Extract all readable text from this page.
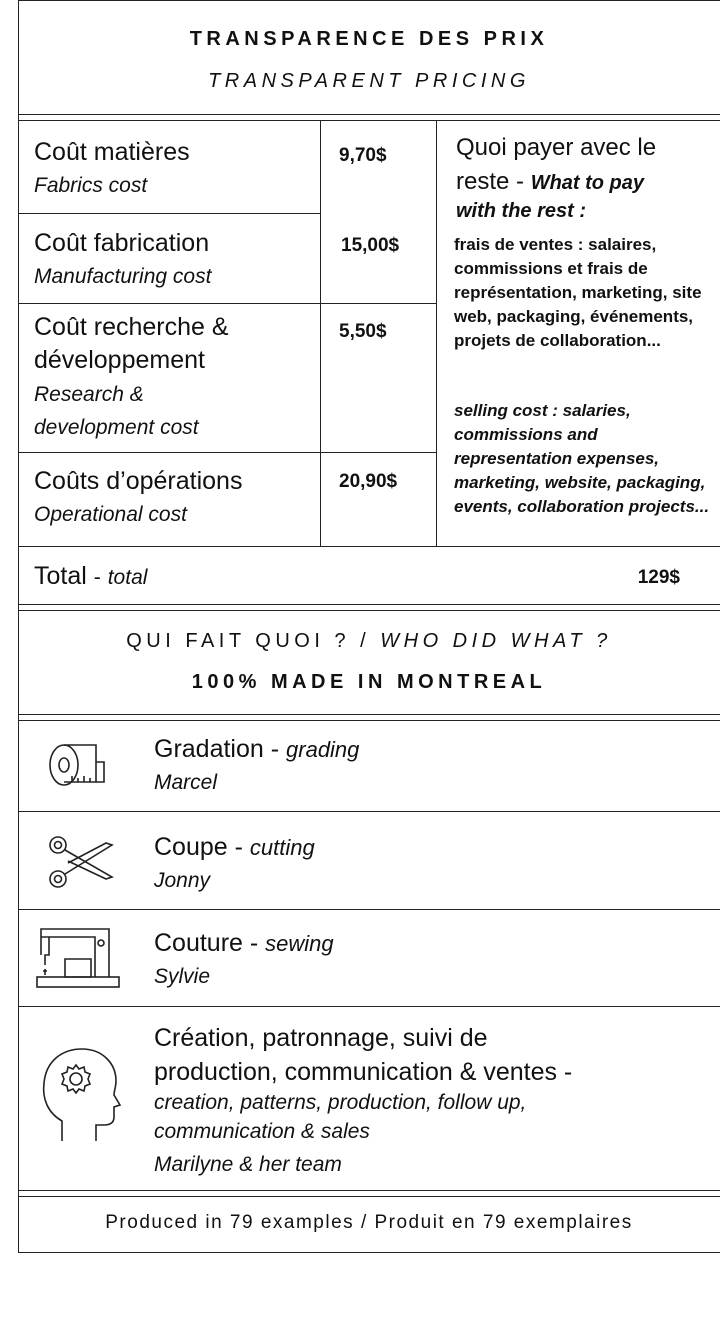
TRANSPARENCE DES PRIX
TRANSPARENT PRICING
Coût matières
Fabrics cost
9,70$
Coût fabrication
Manufacturing cost
15,00$
Coût recherche &
développement
Research &
development cost
5,50$
Coûts d’opérations
Operational cost
20,90$
Quoi payer avec le
reste - What to pay
with the rest :
frais de ventes : salaires, commissions et frais de représentation, marketing, site web, packaging, événements, projets de collaboration...
selling cost : salaries, commissions and representation expenses, marketing, website, packaging, events, collaboration projects...
Total - total	129$
QUI FAIT QUOI ? / WHO DID WHAT ?
100% MADE IN MONTREAL
Gradation - grading
Marcel
Coupe - cutting
Jonny
Couture - sewing
Sylvie
Création, patronnage, suivi de
production, communication & ventes -
creation, patterns, production, follow up,
communication & sales
Marilyne & her team
Produced in 79 examples / Produit en 79 exemplaires
